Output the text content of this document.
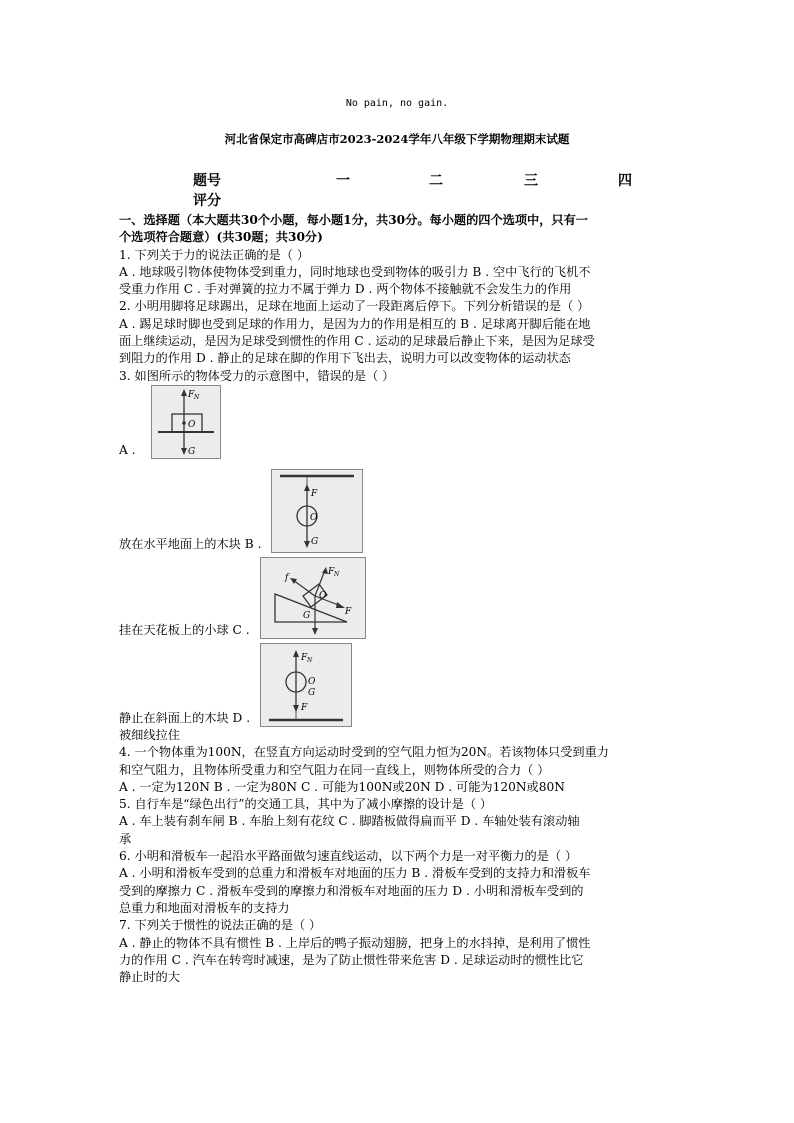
No pain, no gain.
河北省保定市高碑店市2023-2024学年八年级下学期物理期末试题
题号	一	二	三	四
评分

一、选择题（本大题共30个小题，每小题1分，共30分。每小题的四个选项中，只有一

个选项符合题意）(共30题；共30分)

1. 下列关于力的说法正确的是（ ）

A . 地球吸引物体使物体受到重力，同时地球也受到物体的吸引力 B . 空中飞行的飞机不

受重力作用 C . 手对弹簧的拉力不属于弹力 D . 两个物体不接触就不会发生力的作用

2. 小明用脚将足球踢出，足球在地面上运动了一段距离后停下。下列分析错误的是（ ）

A . 踢足球时脚也受到足球的作用力，是因为力的作用是相互的 B . 足球离开脚后能在地

面上继续运动，是因为足球受到惯性的作用 C . 运动的足球最后静止下来，是因为足球受

到阻力的作用 D . 静止的足球在脚的作用下飞出去，说明力可以改变物体的运动状态

3. 如图所示的物体受力的示意图中，错误的是（ ）

A .
F N
O
G
放在水平地面上的木块 B .
F
O
G
挂在天花板上的小球 C .
f
F N
O
G	F
静止在斜面上的木块 D .
F N
O
G
F

被细线拉住

4. 一个物体重为100N，在竖直方向运动时受到的空气阻力恒为20N。若该物体只受到重力

和空气阻力，且物体所受重力和空气阻力在同一直线上，则物体所受的合力（ ）

A . 一定为120N B . 一定为80N C . 可能为100N或20N D . 可能为120N或80N

5. 自行车是“绿色出行”的交通工具，其中为了减小摩擦的设计是（ ）

A . 车上装有刹车闸 B . 车胎上刻有花纹 C . 脚踏板做得扁而平 D . 车轴处装有滚动轴

承

6. 小明和滑板车一起沿水平路面做匀速直线运动，以下两个力是一对平衡力的是（ ）

A . 小明和滑板车受到的总重力和滑板车对地面的压力 B . 滑板车受到的支持力和滑板车

受到的摩擦力 C . 滑板车受到的摩擦力和滑板车对地面的压力 D . 小明和滑板车受到的

总重力和地面对滑板车的支持力

7. 下列关于惯性的说法正确的是（ ）

A . 静止的物体不具有惯性 B . 上岸后的鸭子振动翅膀，把身上的水抖掉，是利用了惯性

力的作用 C . 汽车在转弯时减速，是为了防止惯性带来危害 D . 足球运动时的惯性比它

静止时的大
